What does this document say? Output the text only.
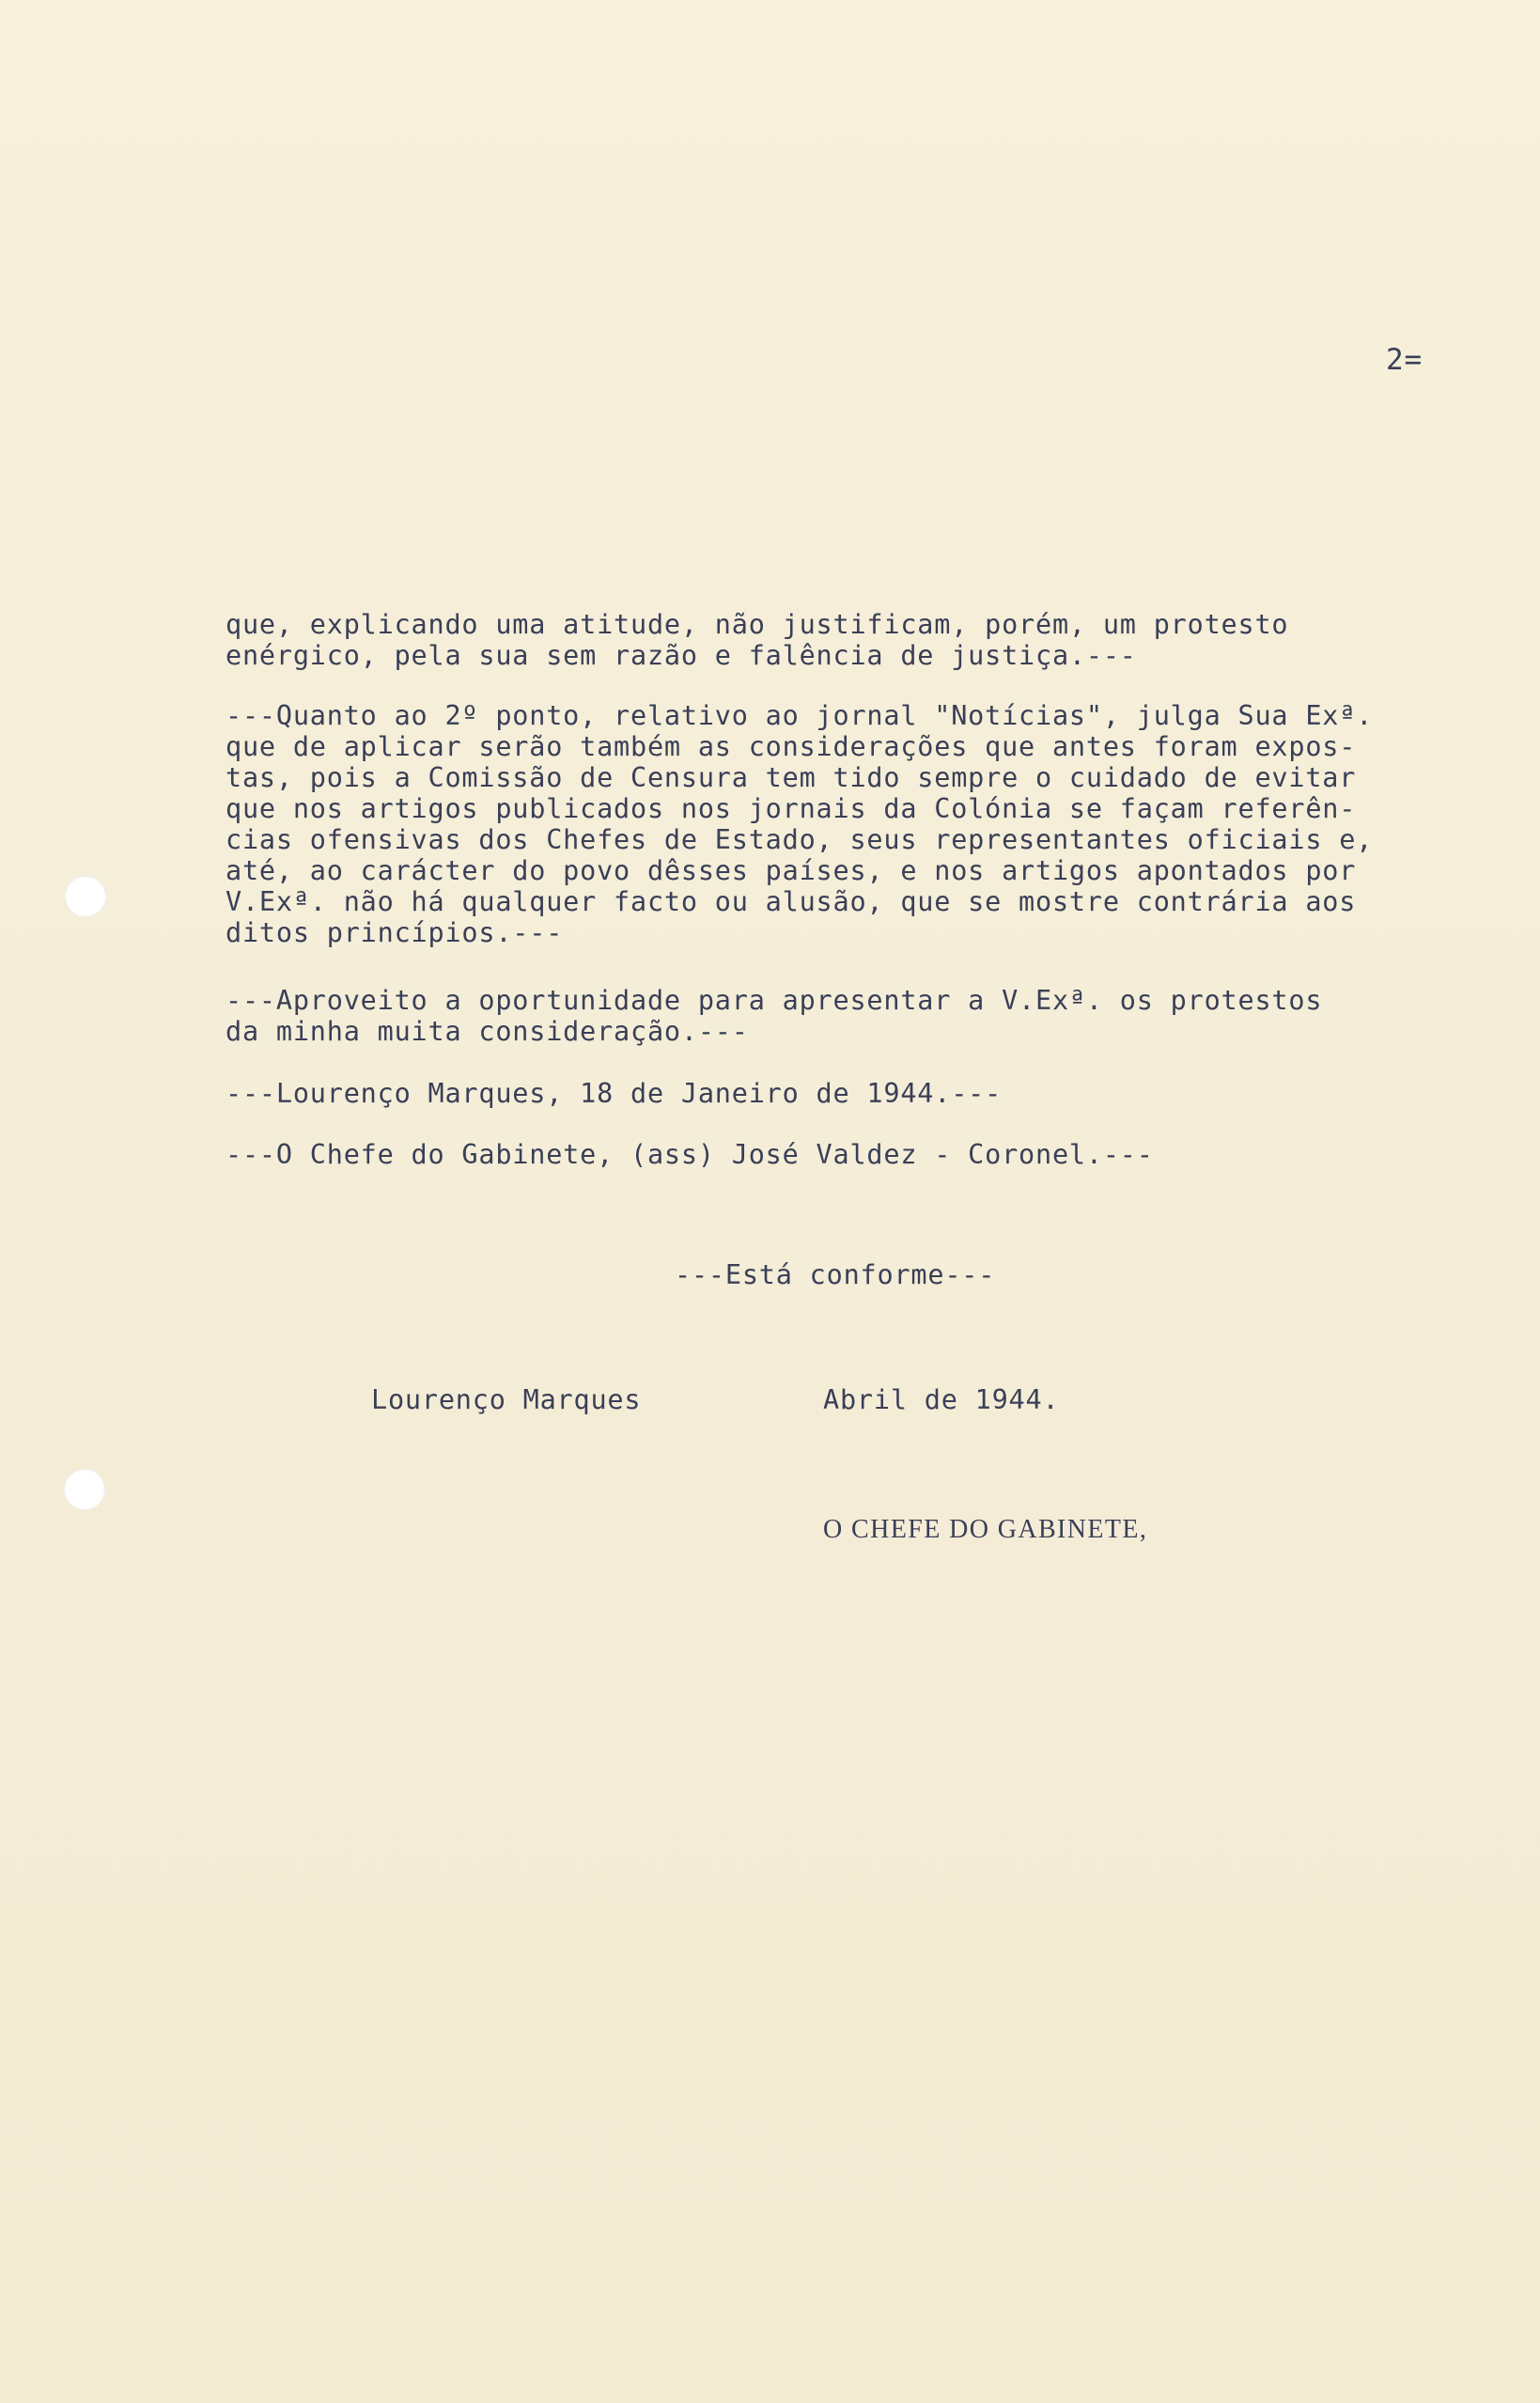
2=
que, explicando uma atitude, não justificam, porém, um protesto
enérgico, pela sua sem razão e falência de justiça.---
---Quanto ao 2º ponto, relativo ao jornal "Notícias", julga Sua Exª.
que de aplicar serão também as considerações que antes foram expos-
tas, pois a Comissão de Censura tem tido sempre o cuidado de evitar
que nos artigos publicados nos jornais da Colónia se façam referên-
cias ofensivas dos Chefes de Estado, seus representantes oficiais e,
até, ao carácter do povo dêsses países, e nos artigos apontados por
V.Exª. não há qualquer facto ou alusão, que se mostre contrária aos
ditos princípios.---
---Aproveito a oportunidade para apresentar a V.Exª. os protestos
da minha muita consideração.---
---Lourenço Marques, 18 de Janeiro de 1944.---
---O Chefe do Gabinete, (ass) José Valdez - Coronel.---
---Está conforme---
Lourenço Marques	Abril de 1944.
O CHEFE DO GABINETE,
